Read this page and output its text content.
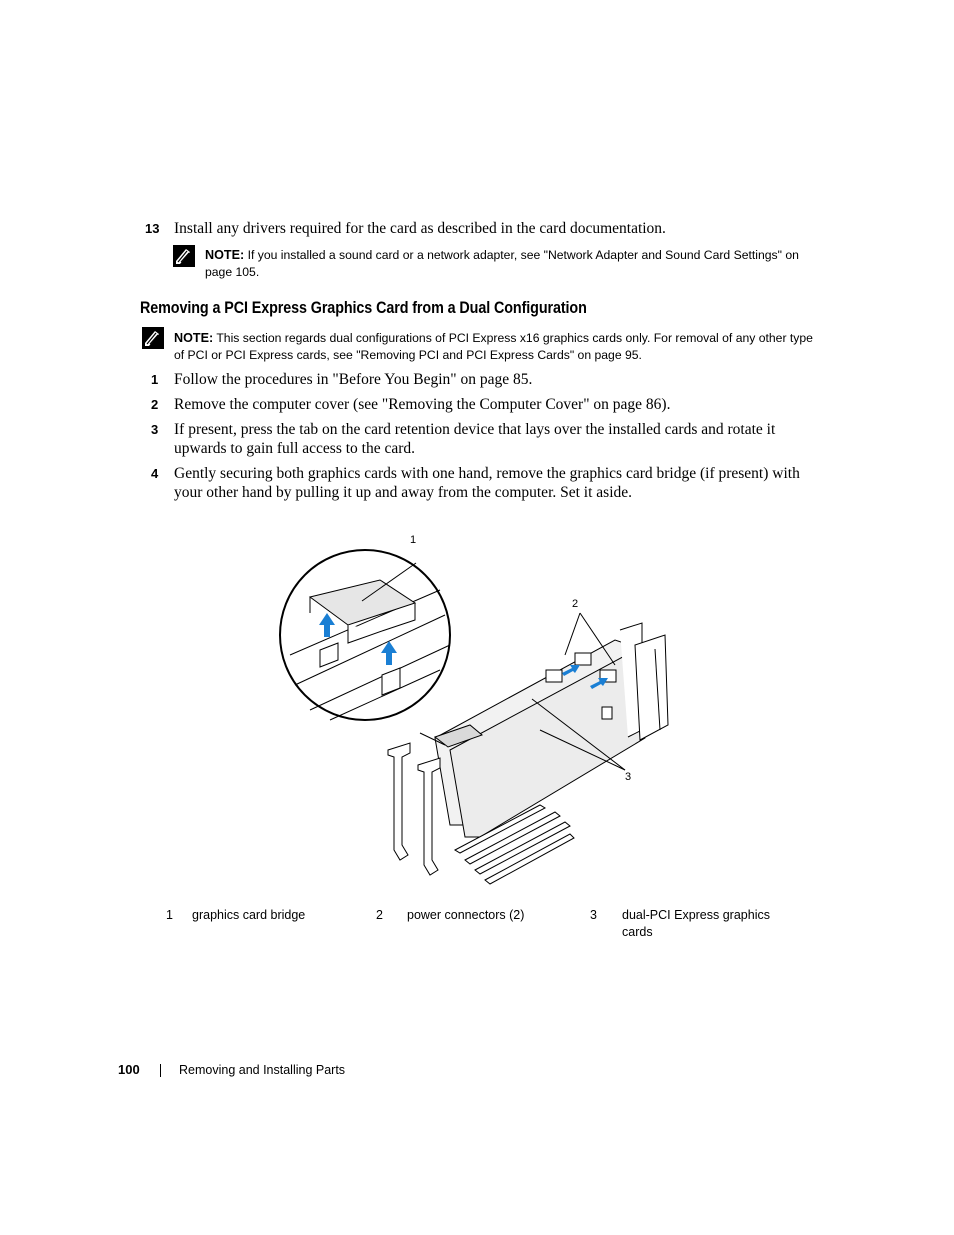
13 Install any drivers required for the card as described in the card documentation.
NOTE: If you installed a sound card or a network adapter, see "Network Adapter and Sound Card Settings" on page 105.
Removing a PCI Express Graphics Card from a Dual Configuration
NOTE: This section regards dual configurations of PCI Express x16 graphics cards only. For removal of any other type of PCI or PCI Express cards, see "Removing PCI and PCI Express Cards" on page 95.
1 Follow the procedures in "Before You Begin" on page 85.
2 Remove the computer cover (see "Removing the Computer Cover" on page 86).
3 If present, press the tab on the card retention device that lays over the installed cards and rotate it upwards to gain full access to the card.
4 Gently securing both graphics cards with one hand, remove the graphics card bridge (if present) with your other hand by pulling it up and away from the computer. Set it aside.
1
2
3
1 graphics card bridge	2 power connectors (2)	3 dual-PCI Express graphics cards
100	Removing and Installing Parts
